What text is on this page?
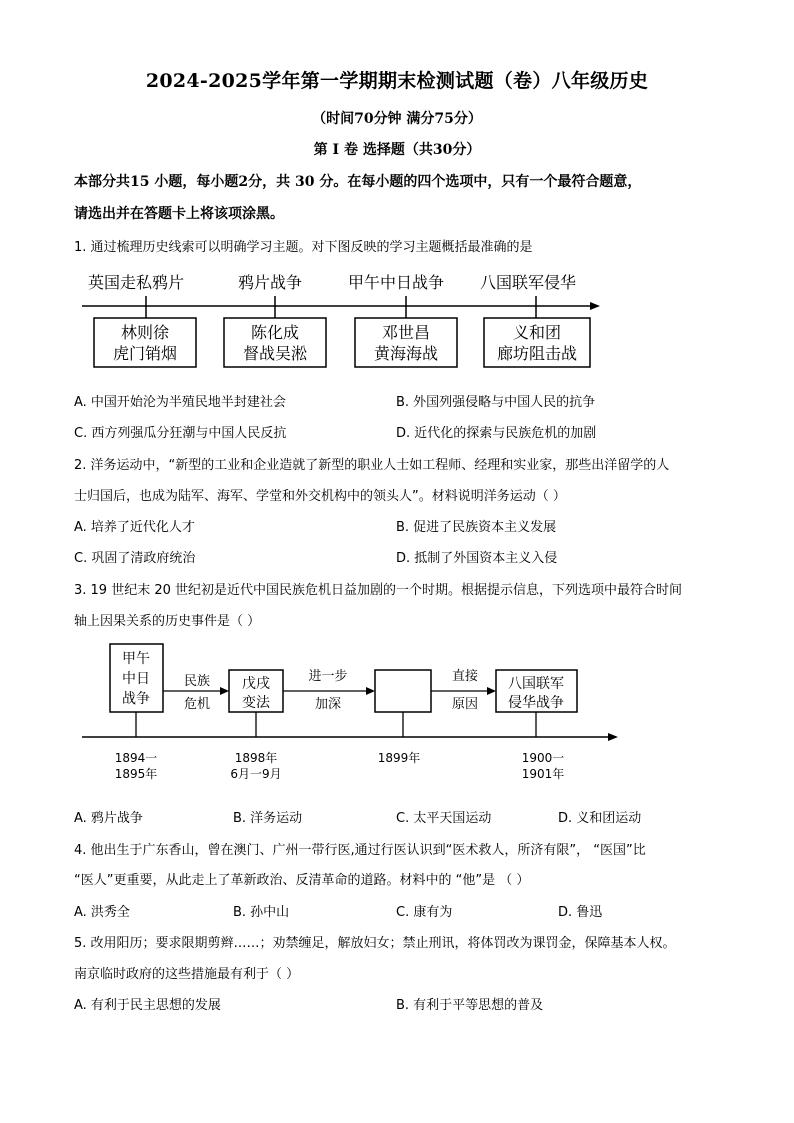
2024-2025学年第一学期期末检测试题（卷）八年级历史
（时间70分钟 满分75分）
第 Ⅰ 卷 选择题（共30分）
本部分共15 小题，每小题2分，共 30 分。在每小题的四个选项中，只有一个最符合题意，
请选出并在答题卡上将该项涂黑。
1. 通过梳理历史线索可以明确学习主题。对下图反映的学习主题概括最准确的是
英国走私鸦片	鸦片战争	甲午中日战争 八国联军侵华
林则徐
虎门销烟
陈化成
督战吴淞
邓世昌
黄海海战
义和团
廊坊阻击战
A. 中国开始沦为半殖民地半封建社会	B. 外国列强侵略与中国人民的抗争
C. 西方列强瓜分狂潮与中国人民反抗	D. 近代化的探索与民族危机的加剧
2. 洋务运动中，“新型的工业和企业造就了新型的职业人士如工程师、经理和实业家，那些出洋留学的人
士归国后，也成为陆军、海军、学堂和外交机构中的领头人”。材料说明洋务运动（ ）
A. 培养了近代化人才	B. 促进了民族资本主义发展
C. 巩固了清政府统治	D. 抵制了外国资本主义入侵
3. 19 世纪末 20 世纪初是近代中国民族危机日益加剧的一个时期。根据提示信息，下列选项中最符合时间
轴上因果关系的历史事件是（ ）
甲午
中日
战争
戊戌
变法
八国联军
侵华战争
民族
危机
进一步
加深
直接
原因
1894一
1895年
1898年
6月一9月
1899年	1900一
1901年
A. 鸦片战争	B. 洋务运动	C. 太平天国运动	D. 义和团运动
4. 他出生于广东香山，曾在澳门、广州一带行医,通过行医认识到“医术救人，所济有限”， “医国”比
“医人”更重要，从此走上了革新政治、反清革命的道路。材料中的 “他”是 （ ）
A. 洪秀全	B. 孙中山	C. 康有为	D. 鲁迅
5. 改用阳历；要求限期剪辫……；劝禁缠足，解放妇女；禁止刑讯，将体罚改为课罚金，保障基本人权。
南京临时政府的这些措施最有利于（ ）
A. 有利于民主思想的发展	B. 有利于平等思想的普及
